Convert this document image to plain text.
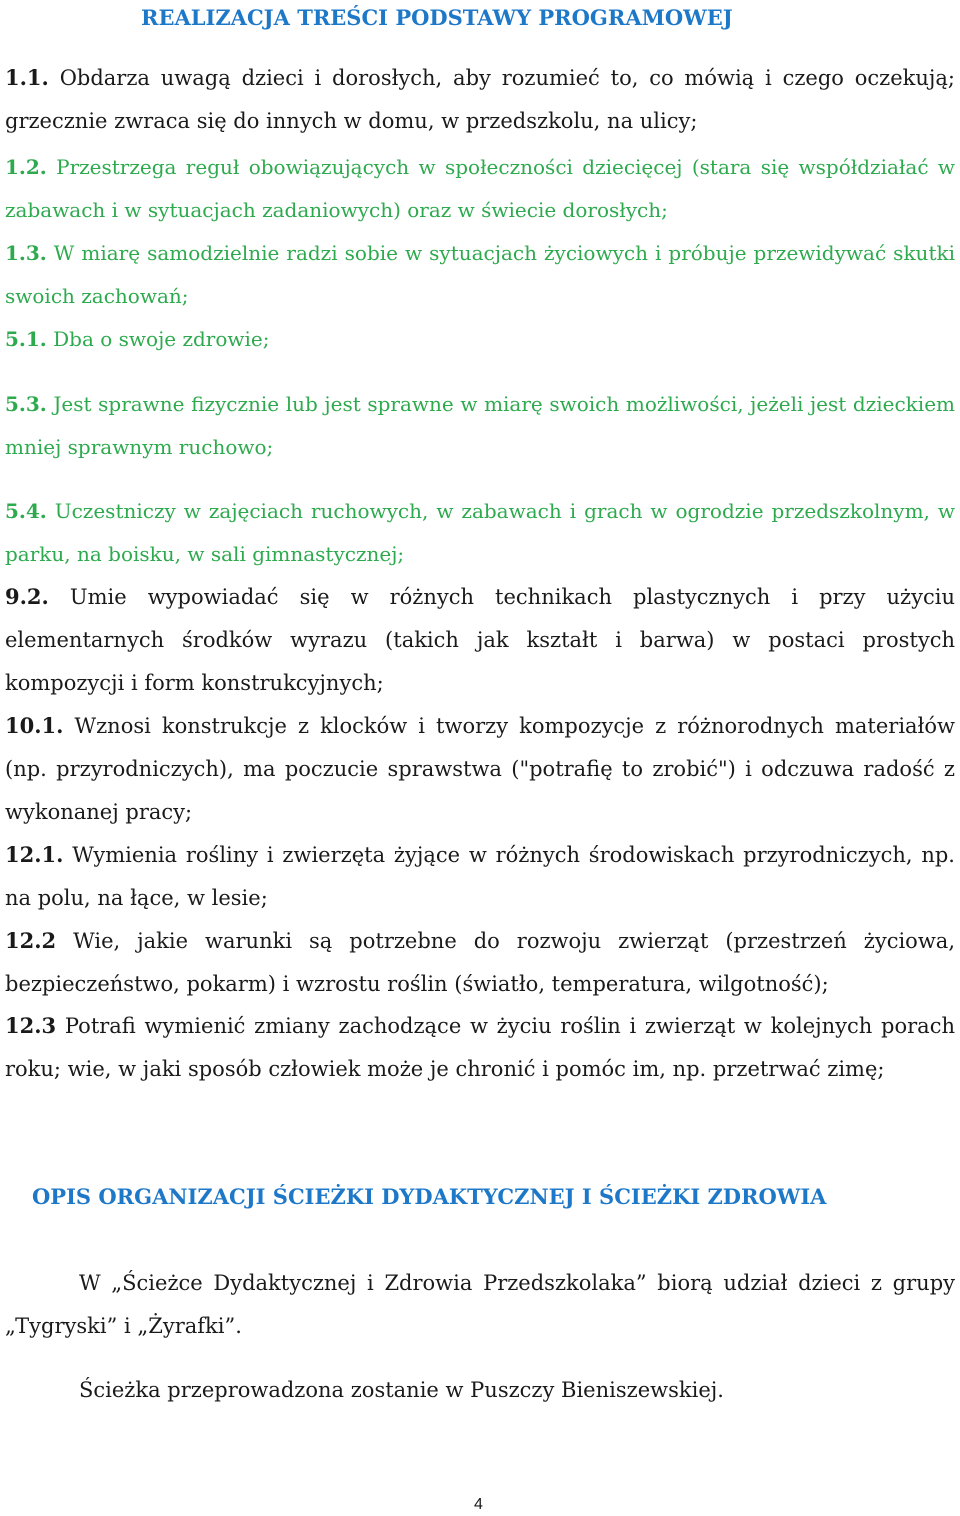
REALIZACJA TREŚCI PODSTAWY PROGRAMOWEJ
1.1. Obdarza uwagą dzieci i dorosłych, aby rozumieć to, co mówią i czego oczekują; grzecznie zwraca się do innych w domu, w przedszkolu, na ulicy;
1.2. Przestrzega reguł obowiązujących w społeczności dziecięcej (stara się współdziałać w zabawach i w sytuacjach zadaniowych) oraz w świecie dorosłych;
1.3. W miarę samodzielnie radzi sobie w sytuacjach życiowych i próbuje przewidywać skutki swoich zachowań;
5.1. Dba o swoje zdrowie;
5.3. Jest sprawne fizycznie lub jest sprawne w miarę swoich możliwości, jeżeli jest dzieckiem mniej sprawnym ruchowo;
5.4. Uczestniczy w zajęciach ruchowych, w zabawach i grach w ogrodzie przedszkolnym, w parku, na boisku, w sali gimnastycznej;
9.2. Umie wypowiadać się w różnych technikach plastycznych i przy użyciu elementarnych środków wyrazu (takich jak kształt i barwa) w postaci prostych kompozycji i form konstrukcyjnych;
10.1. Wznosi konstrukcje z klocków i tworzy kompozycje z różnorodnych materiałów (np. przyrodniczych), ma poczucie sprawstwa ("potrafię to zrobić") i odczuwa radość z wykonanej pracy;
12.1. Wymienia rośliny i zwierzęta żyjące w różnych środowiskach przyrodniczych, np. na polu, na łące, w lesie;
12.2 Wie, jakie warunki są potrzebne do rozwoju zwierząt (przestrzeń życiowa, bezpieczeństwo, pokarm) i wzrostu roślin (światło, temperatura, wilgotność);
12.3 Potrafi wymienić zmiany zachodzące w życiu roślin i zwierząt w kolejnych porach roku; wie, w jaki sposób człowiek może je chronić i pomóc im, np. przetrwać zimę;
OPIS ORGANIZACJI ŚCIEŻKI DYDAKTYCZNEJ I ŚCIEŻKI ZDROWIA
W „Ścieżce Dydaktycznej i Zdrowia Przedszkolaka” biorą udział dzieci z grupy „Tygryski” i „Żyrafki”.
Ścieżka przeprowadzona zostanie w Puszczy Bieniszewskiej.
4
